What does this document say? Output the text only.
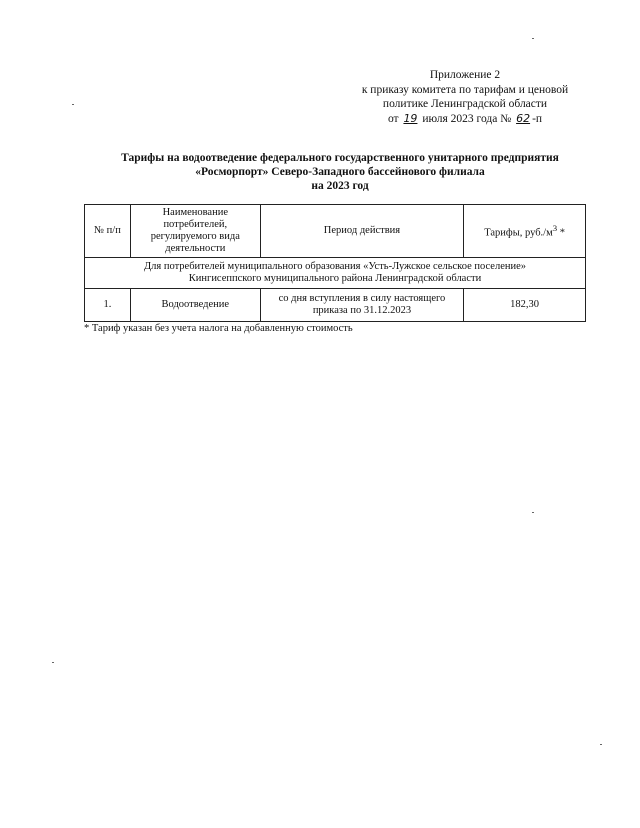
Приложение 2
к приказу комитета по тарифам и ценовой
политике Ленинградской области
от 19 июля 2023 года № 62 -п
Тарифы на водоотведение федерального государственного унитарного предприятия
«Росморпорт» Северо-Западного бассейнового филиала
на 2023 год
№ п/п	Наименование потребителей, регулируемого вида деятельности	Период действия	Тарифы, $руб./м^3$ *

Для потребителей муниципального образования «Усть-Лужское сельское поселение»
Кингисеппского муниципального района Ленинградской области			

1.	Водоотведение	со дня вступления в силу настоящего приказа по 31.12.2023	182,30
* Тариф указан без учета налога на добавленную стоимость
